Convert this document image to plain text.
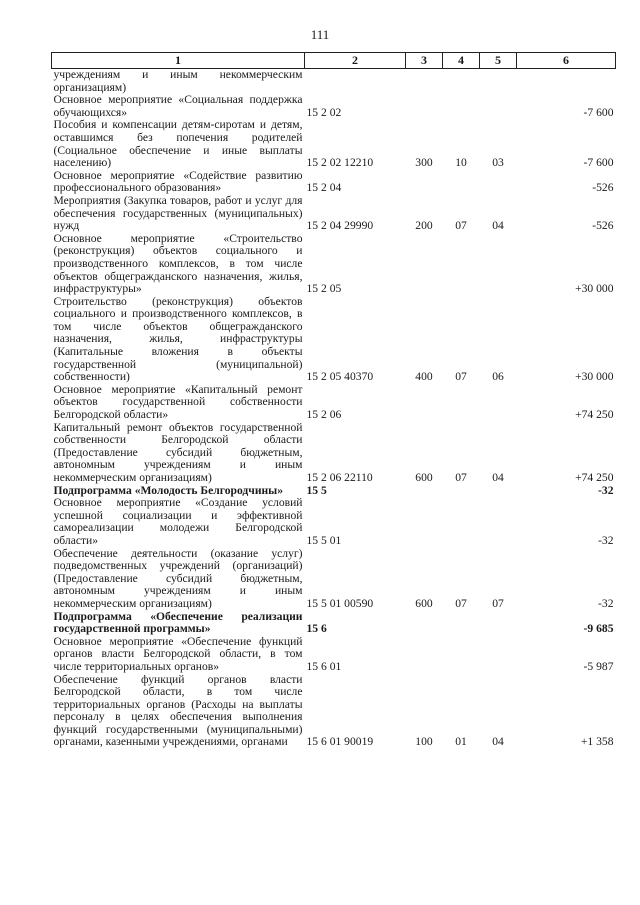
111
1	2	3	4	5	6
учреждениям и иным некоммерческим организациям)					
Основное мероприятие «Социальная поддержка обучающихся»	15 2 02				-7 600
Пособия и компенсации детям-сиротам и детям, оставшимся без попечения родителей (Социальное обеспечение и иные выплаты населению)	15 2 02 12210	300	10	03	-7 600
Основное мероприятие «Содействие развитию профессионального образования»	15 2 04				-526
Мероприятия (Закупка товаров, работ и услуг для обеспечения государственных (муниципальных) нужд	15 2 04 29990	200	07	04	-526
Основное мероприятие «Строительство (реконструкция) объектов социального и производственного комплексов, в том числе объектов общегражданского назначения, жилья, инфраструктуры»	15 2 05				+30 000
Строительство (реконструкция) объектов социального и производственного комплексов, в том числе объектов общегражданского назначения, жилья, инфраструктуры (Капитальные вложения в объекты государственной (муниципальной) собственности)	15 2 05 40370	400	07	06	+30 000
Основное мероприятие «Капитальный ремонт объектов государственной собственности Белгородской области»	15 2 06				+74 250
Капитальный ремонт объектов государственной собственности Белгородской области (Предоставление субсидий бюджетным, автономным учреждениям и иным некоммерческим организациям)	15 2 06 22110	600	07	04	+74 250
Подпрограмма «Молодость Белгородчины»	15 5				-32
Основное мероприятие «Создание условий успешной социализации и эффективной самореализации молодежи Белгородской области»	15 5 01				-32
Обеспечение деятельности (оказание услуг) подведомственных учреждений (организаций) (Предоставление субсидий бюджетным, автономным учреждениям и иным некоммерческим организациям)	15 5 01 00590	600	07	07	-32
Подпрограмма «Обеспечение реализации государственной программы»	15 6				-9 685
Основное мероприятие «Обеспечение функций органов власти Белгородской области, в том числе территориальных органов»	15 6 01				-5 987
Обеспечение функций органов власти Белгородской области, в том числе территориальных органов (Расходы на выплаты персоналу в целях обеспечения выполнения функций государственными (муниципальными) органами, казенными учреждениями, органами	15 6 01 90019	100	01	04	+1 358
